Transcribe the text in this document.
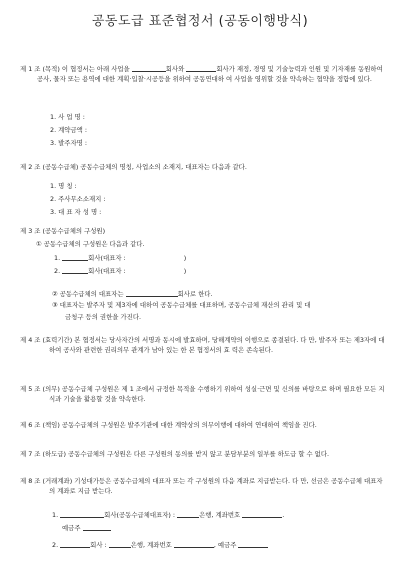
공동도급 표준협정서 (공동이행방식)

제 1 조 (목적) 이 협정서는 아래 사업을	회사와	회사가 재정, 경영 및 기술능력과 인원 및 기자재를 동원하여 공사, 물자 또는 용역에 대한 계획·입찰·시공등을 위하여 공동연대하 여 사업을 영위할 것을 약속하는 협약을 정함에 있다.

1. 사 업 명 :
2. 계약금액 :
3. 발주자명 :

제 2 조 (공동수급체) 공동수급체의 명칭, 사업소의 소재지, 대표자는 다음과 같다.

1. 명 칭 :
2. 주사무소소재지 :
3. 대 표 자 성 명 :
제 3 조 (공동수급체의 구성원)
① 공동수급체의 구성원은 다음과 같다.
1.	회사(대표자 :	)
2.	회사(대표자 :	)
② 공동수급체의 대표자는	회사로 한다.
③ 대표자는 발주자 및 제3자에 대하여 공동수급체를 대표하며, 공동수급체 재산의 관리 및 대
금청구 등의 권한을 가진다.

제 4 조 (효력기간) 본 협정서는 당사자간의 서명과 동시에 발효하며, 당해계약의 이행으로 종결된다. 다 만, 발주자 또는 제3자에 대하여 공사와 관련한 권리의무 관계가 남아 있는 한 본 협정서의 효 력은 존속된다.

제 5 조 (의무) 공동수급체 구성원은 제 1 조에서 규정한 목적을 수행하기 위하여 성실·근면 및 신의를 바탕으로 하며 필요한 모든 지식과 기술을 활용할 것을 약속한다.

제 6 조 (책임) 공동수급체의 구성원은 발주기관에 대한 계약상의 의무이행에 대하여 연대하여 책임을 진다.
제 7 조 (하도급) 공동수급체의 구성원은 다른 구성원의 동의를 받지 않고 분담부분의 일부를 하도급 할 수 없다.

제 8 조 (거래계좌) 기성대가등은 공동수급체의 대표자 또는 각 구성원의 다음 계좌로 지급받는다. 다 만, 선금은 공동수급체 대표자의 계좌로 지급 받는다.

1.	회사(공동수급체대표자) :	은행, 계좌번호	.
예금주
2.	회사 :	은행, 계좌번호	, 예금주
